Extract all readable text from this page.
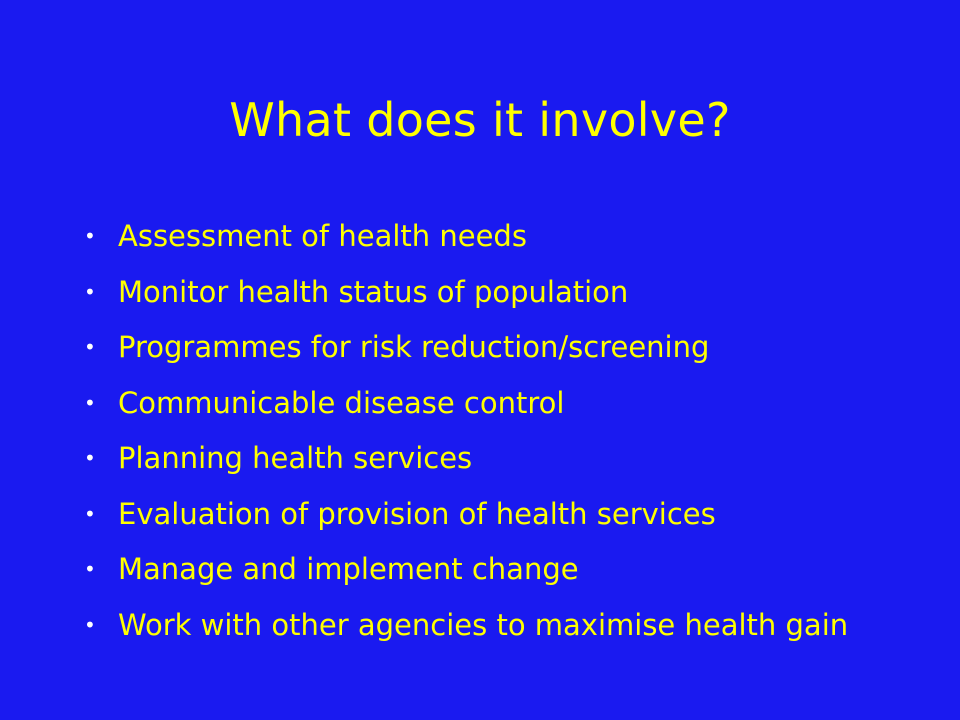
What does it involve?
• Assessment of health needs
• Monitor health status of population
• Programmes for risk reduction/screening
• Communicable disease control
• Planning health services
• Evaluation of provision of health services
• Manage and implement change
• Work with other agencies to maximise health gain
